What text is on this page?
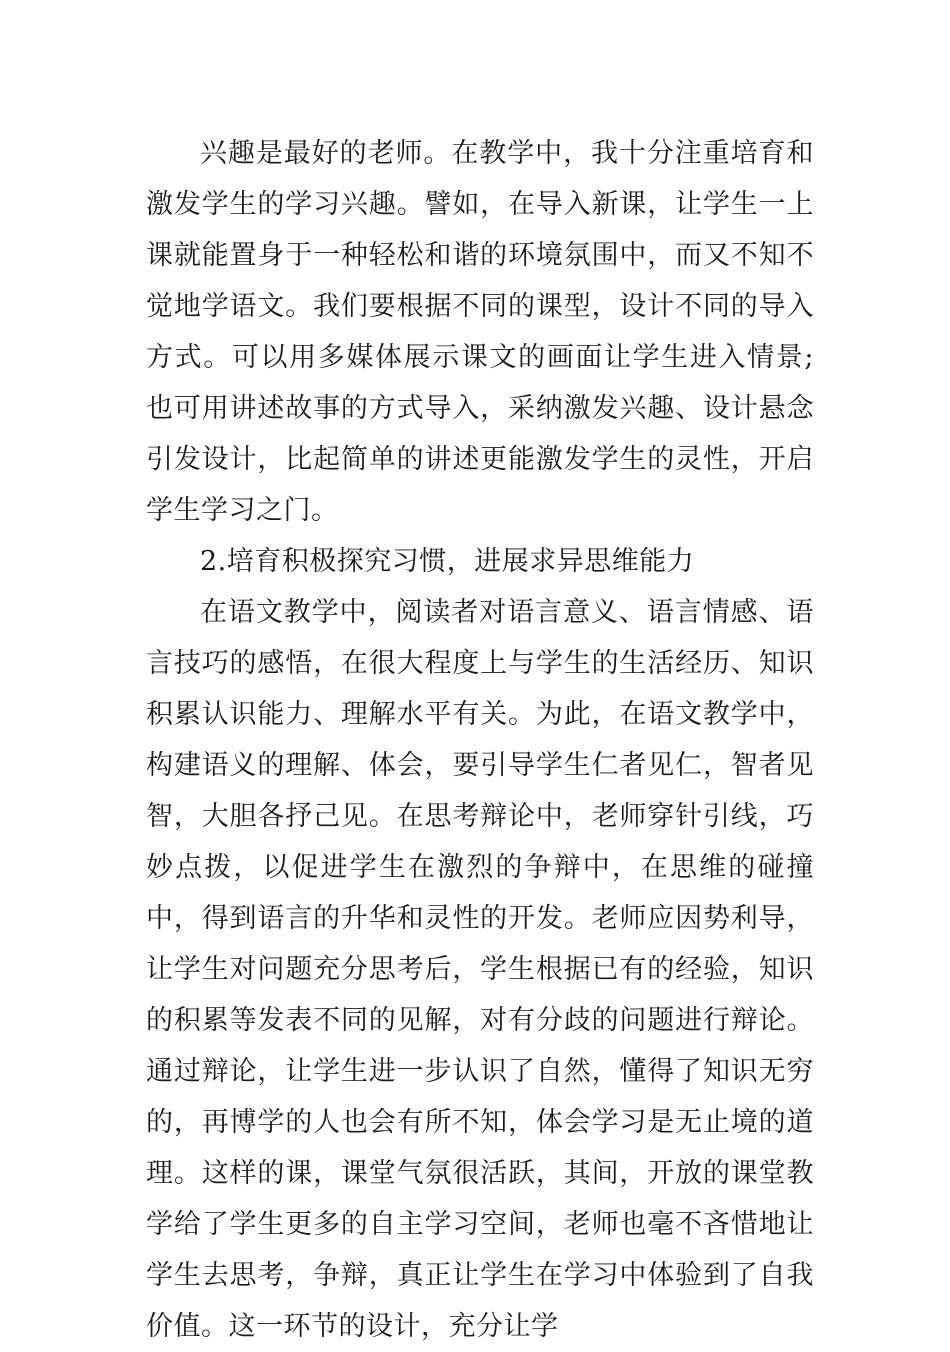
兴趣是最好的老师。在教学中，我十分注重培育和激发学生的学习兴趣。譬如，在导入新课，让学生一上课就能置身于一种轻松和谐的环境氛围中，而又不知不觉地学语文。我们要根据不同的课型，设计不同的导入方式。可以用多媒体展示课文的画面让学生进入情景;也可用讲述故事的方式导入，采纳激发兴趣、设计悬念引发设计，比起简单的讲述更能激发学生的灵性，开启学生学习之门。

2.培育积极探究习惯，进展求异思维能力

在语文教学中，阅读者对语言意义、语言情感、语言技巧的感悟，在很大程度上与学生的生活经历、知识积累认识能力、理解水平有关。为此，在语文教学中，构建语义的理解、体会，要引导学生仁者见仁，智者见智，大胆各抒己见。在思考辩论中，老师穿针引线，巧妙点拨，以促进学生在激烈的争辩中，在思维的碰撞中，得到语言的升华和灵性的开发。老师应因势利导，让学生对问题充分思考后，学生根据已有的经验，知识的积累等发表不同的见解，对有分歧的问题进行辩论。通过辩论，让学生进一步认识了自然，懂得了知识无穷的，再博学的人也会有所不知，体会学习是无止境的道理。这样的课，课堂气氛很活跃，其间，开放的课堂教学给了学生更多的自主学习空间，老师也毫不吝惜地让学生去思考，争辩，真正让学生在学习中体验到了自我价值。这一环节的设计，充分让学
